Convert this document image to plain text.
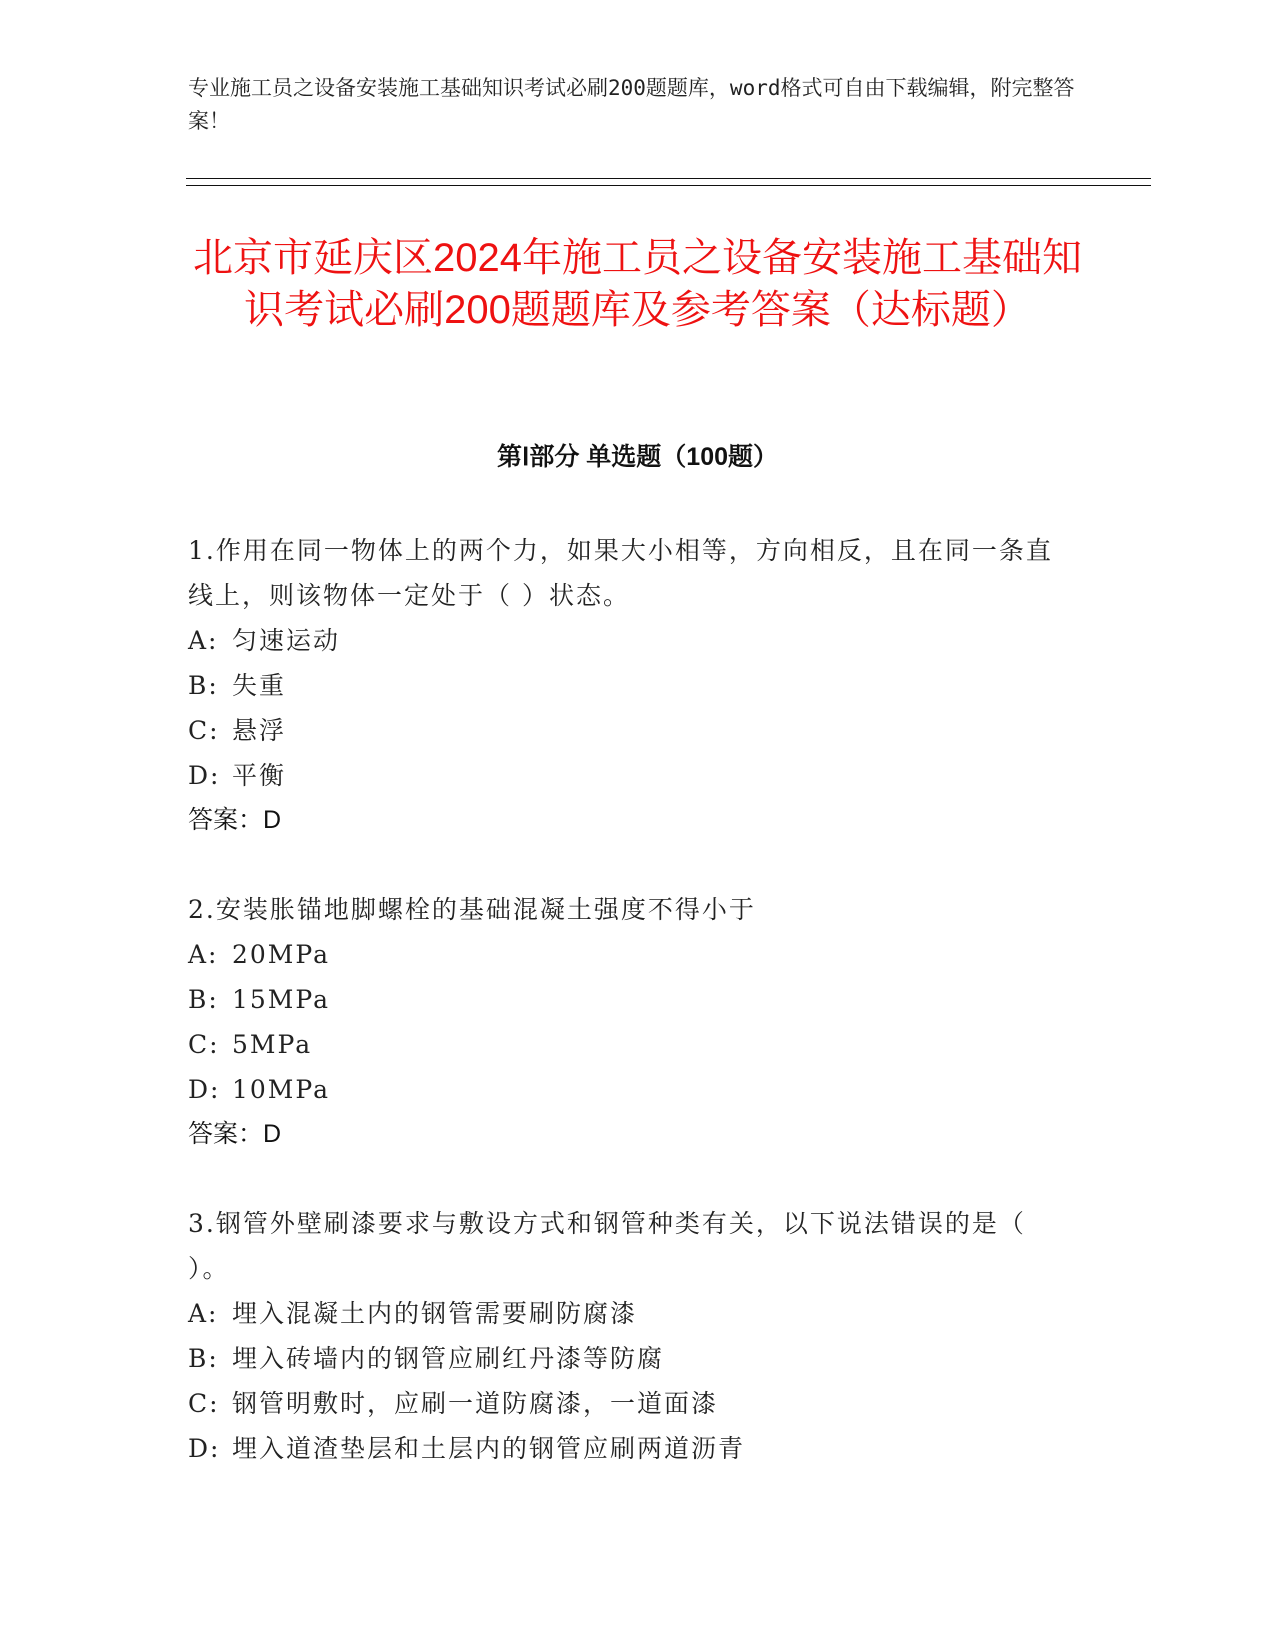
专业施工员之设备安装施工基础知识考试必刷200题题库，word格式可自由下载编辑，附完整答案！
北京市延庆区2024年施工员之设备安装施工基础知识考试必刷200题题库及参考答案（达标题）
第Ⅰ部分 单选题（100题）
1.作用在同一物体上的两个力，如果大小相等，方向相反，且在同一条直线上，则该物体一定处于（ ）状态。
A: 匀速运动
B: 失重
C: 悬浮
D: 平衡
答案：D
2.安装胀锚地脚螺栓的基础混凝土强度不得小于
A: 20MPa
B: 15MPa
C: 5MPa
D: 10MPa
答案：D
3.钢管外壁刷漆要求与敷设方式和钢管种类有关，以下说法错误的是（ ）。
A: 埋入混凝土内的钢管需要刷防腐漆
B: 埋入砖墙内的钢管应刷红丹漆等防腐
C: 钢管明敷时，应刷一道防腐漆，一道面漆
D: 埋入道渣垫层和土层内的钢管应刷两道沥青
